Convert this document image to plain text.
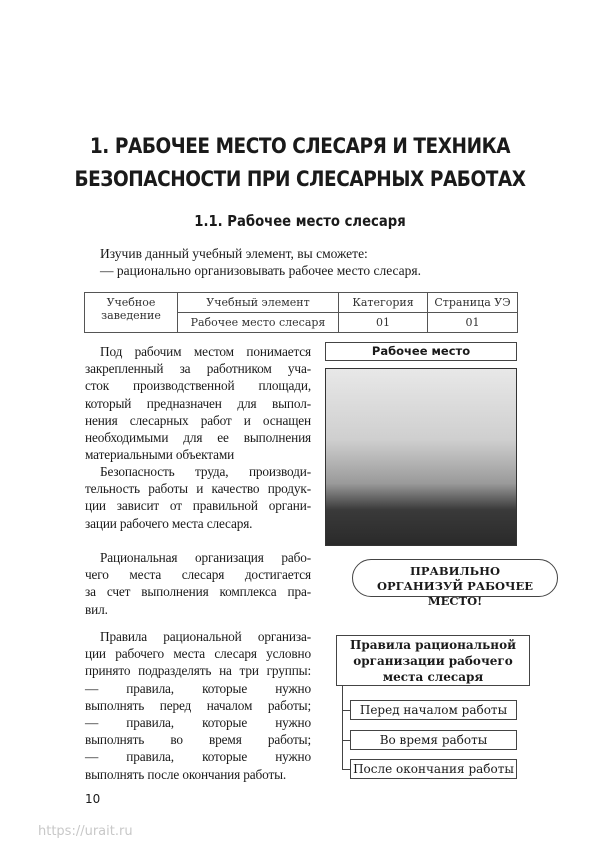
1. РАБОЧЕЕ МЕСТО СЛЕСАРЯ И ТЕХНИКА
БЕЗОПАСНОСТИ ПРИ СЛЕСАРНЫХ РАБОТАХ
1.1. Рабочее место слесаря
Изучив данный учебный элемент, вы сможете:
— рационально организовывать рабочее место слесаря.
Учебное заведение	Учебный элемент	Категория	Страница УЭ
	Рабочее место слесаря	01	01
Под рабочим местом понимается
закрепленный за работником уча-
сток производственной площади,
который предназначен для выпол-
нения слесарных работ и оснащен
необходимыми для ее выполнения
материальными объектами
Безопасность труда, производи-
тельность работы и качество продук-
ции зависит от правильной органи-
зации рабочего места слесаря.
Рациональная организация рабо-
чего места слесаря достигается
за счет выполнения комплекса пра-
вил.
Правила рациональной организа-
ции рабочего места слесаря условно
принято подразделять на три группы:
— правила, которые нужно
выполнять перед началом работы;
— правила, которые нужно
выполнять во время работы;
— правила, которые нужно
выполнять после окончания работы.
Рабочее место
ПРАВИЛЬНО ОРГАНИЗУЙ РАБОЧЕЕ МЕСТО!
Правила рациональной организации рабочего места слесаря
Перед началом работы
Во время работы
После окончания работы
10
https://urait.ru
